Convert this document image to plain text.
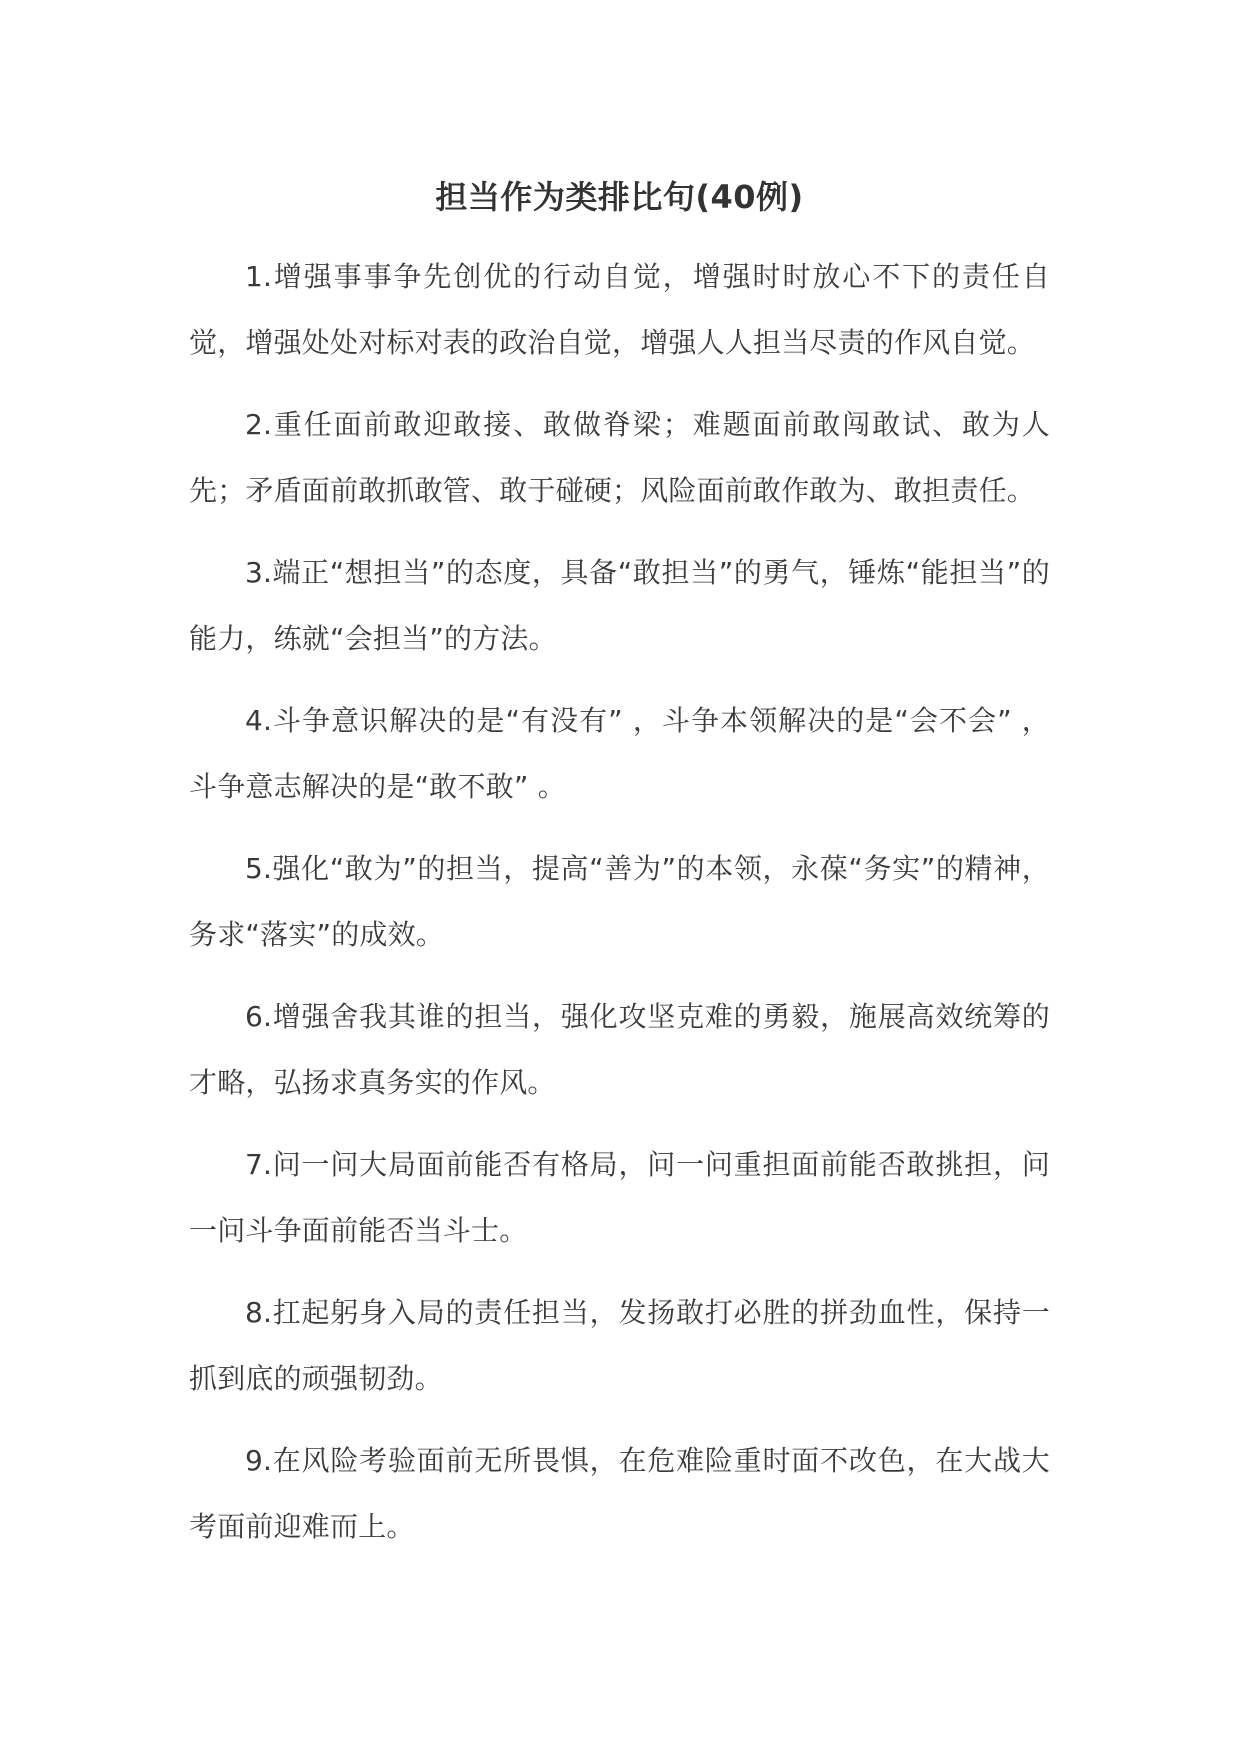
担当作为类排比句(40例)

1.增强事事争先创优的行动自觉，增强时时放心不下的责任自觉，增强处处对标对表的政治自觉，增强人人担当尽责的作风自觉。

2.重任面前敢迎敢接、敢做脊梁；难题面前敢闯敢试、敢为人先；矛盾面前敢抓敢管、敢于碰硬；风险面前敢作敢为、敢担责任。

3.端正“想担当”的态度，具备“敢担当”的勇气，锤炼“能担当”的能力，练就“会担当”的方法。

4.斗争意识解决的是“有没有” ，斗争本领解决的是“会不会” ，斗争意志解决的是“敢不敢” 。

5.强化“敢为”的担当，提高“善为”的本领，永葆“务实”的精神，务求“落实”的成效。

6.增强舍我其谁的担当，强化攻坚克难的勇毅，施展高效统筹的才略，弘扬求真务实的作风。

7.问一问大局面前能否有格局，问一问重担面前能否敢挑担，问一问斗争面前能否当斗士。

8.扛起躬身入局的责任担当，发扬敢打必胜的拼劲血性，保持一抓到底的顽强韧劲。

9.在风险考验面前无所畏惧，在危难险重时面不改色，在大战大考面前迎难而上。
